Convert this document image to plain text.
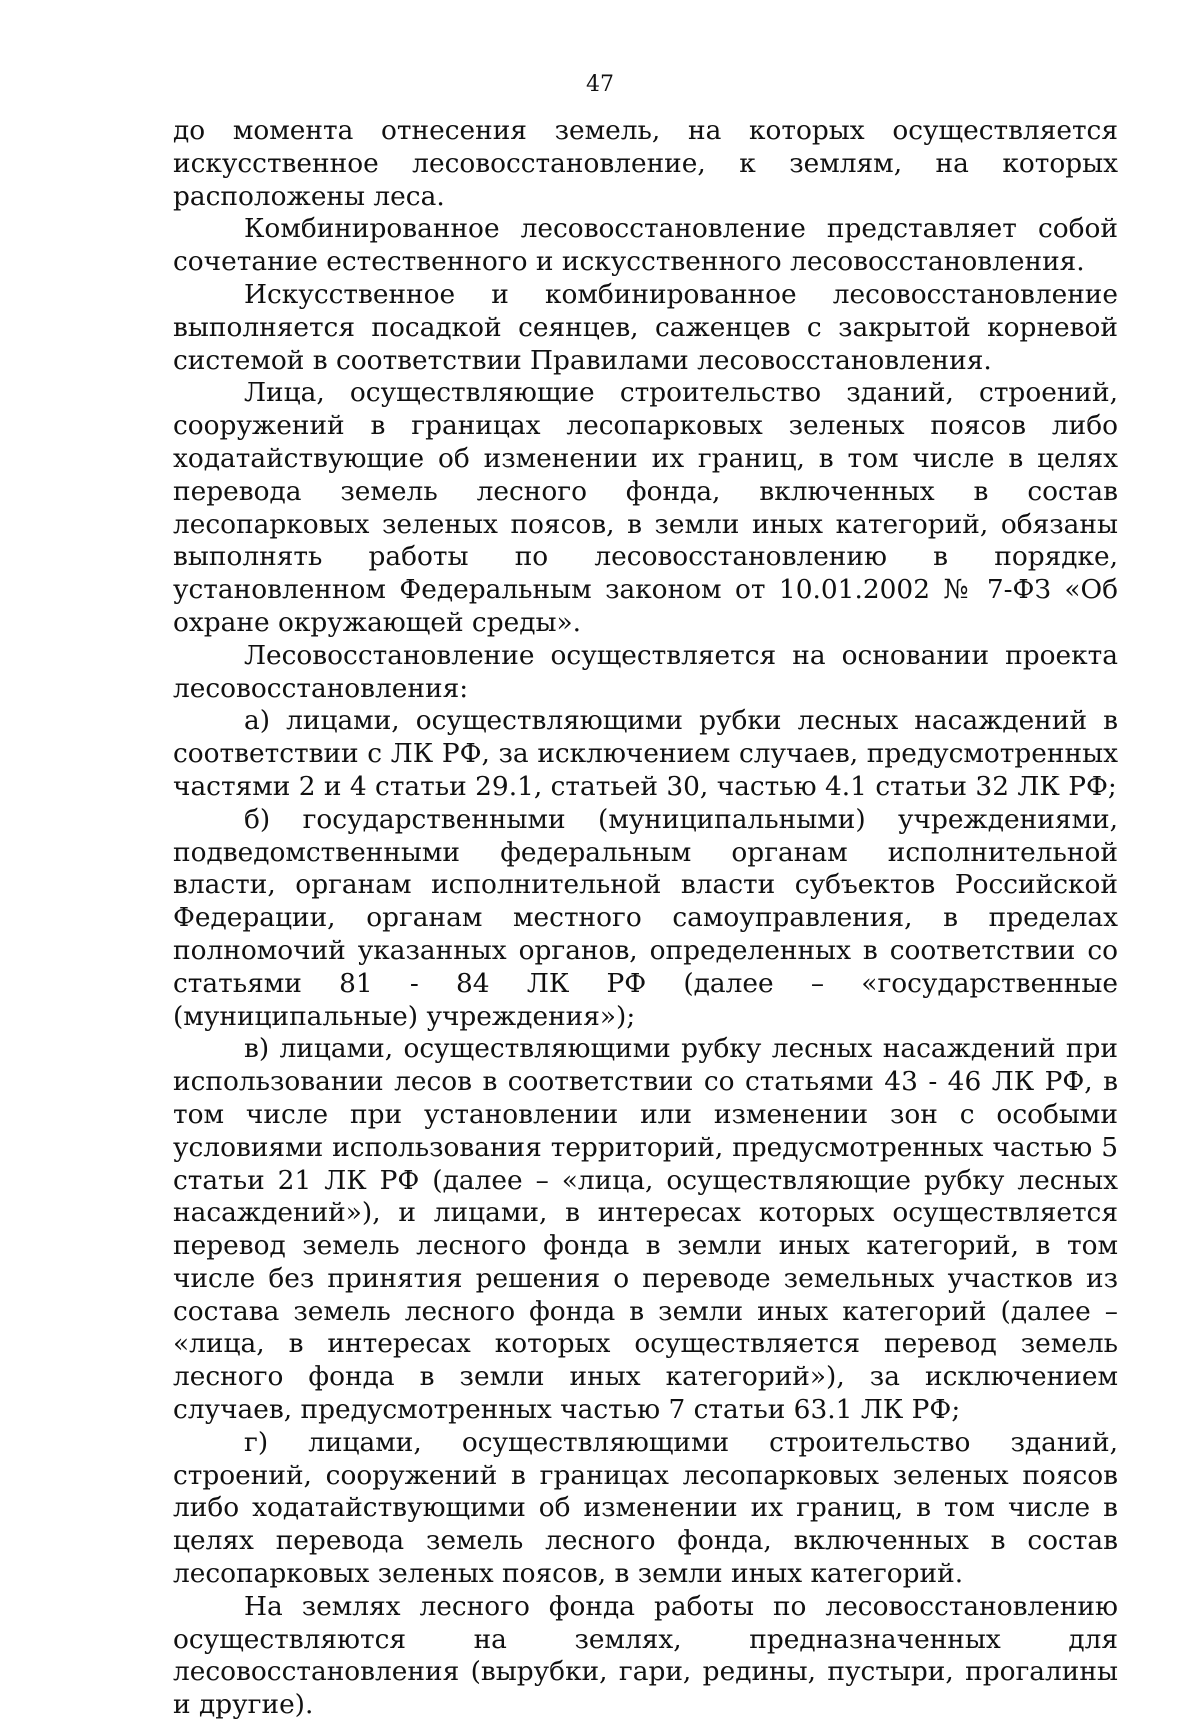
47

до момента отнесения земель, на которых осуществляется искусственное лесовосстановление, к землям, на которых расположены леса.

Комбинированное лесовосстановление представляет собой сочетание естественного и искусственного лесовосстановления.

Искусственное и комбинированное лесовосстановление выполняется посадкой сеянцев, саженцев с закрытой корневой системой в соответствии Правилами лесовосстановления.

Лица, осуществляющие строительство зданий, строений, сооружений в границах лесопарковых зеленых поясов либо ходатайствующие об изменении их границ, в том числе в целях перевода земель лесного фонда, включенных в состав лесопарковых зеленых поясов, в земли иных категорий, обязаны выполнять работы по лесовосстановлению в порядке, установленном Федеральным законом от 10.01.2002 № 7-ФЗ «Об охране окружающей среды».

Лесовосстановление осуществляется на основании проекта лесовосстановления:

а) лицами, осуществляющими рубки лесных насаждений в соответствии с ЛК РФ, за исключением случаев, предусмотренных частями 2 и 4 статьи 29.1, статьей 30, частью 4.1 статьи 32 ЛК РФ;

б) государственными (муниципальными) учреждениями, подведомственными федеральным органам исполнительной власти, органам исполнительной власти субъектов Российской Федерации, органам местного самоуправления, в пределах полномочий указанных органов, определенных в соответствии со статьями 81 - 84 ЛК РФ (далее – «государственные (муниципальные) учреждения»);

в) лицами, осуществляющими рубку лесных насаждений при использовании лесов в соответствии со статьями 43 - 46 ЛК РФ, в том числе при установлении или изменении зон с особыми условиями использования территорий, предусмотренных частью 5 статьи 21 ЛК РФ (далее – «лица, осуществляющие рубку лесных насаждений»), и лицами, в интересах которых осуществляется перевод земель лесного фонда в земли иных категорий, в том числе без принятия решения о переводе земельных участков из состава земель лесного фонда в земли иных категорий (далее – «лица, в интересах которых осуществляется перевод земель лесного фонда в земли иных категорий»), за исключением случаев, предусмотренных частью 7 статьи 63.1 ЛК РФ;

г) лицами, осуществляющими строительство зданий, строений, сооружений в границах лесопарковых зеленых поясов либо ходатайствующими об изменении их границ, в том числе в целях перевода земель лесного фонда, включенных в состав лесопарковых зеленых поясов, в земли иных категорий.

На землях лесного фонда работы по лесовосстановлению осуществляются на землях, предназначенных для лесовосстановления (вырубки, гари, редины, пустыри, прогалины и другие).
